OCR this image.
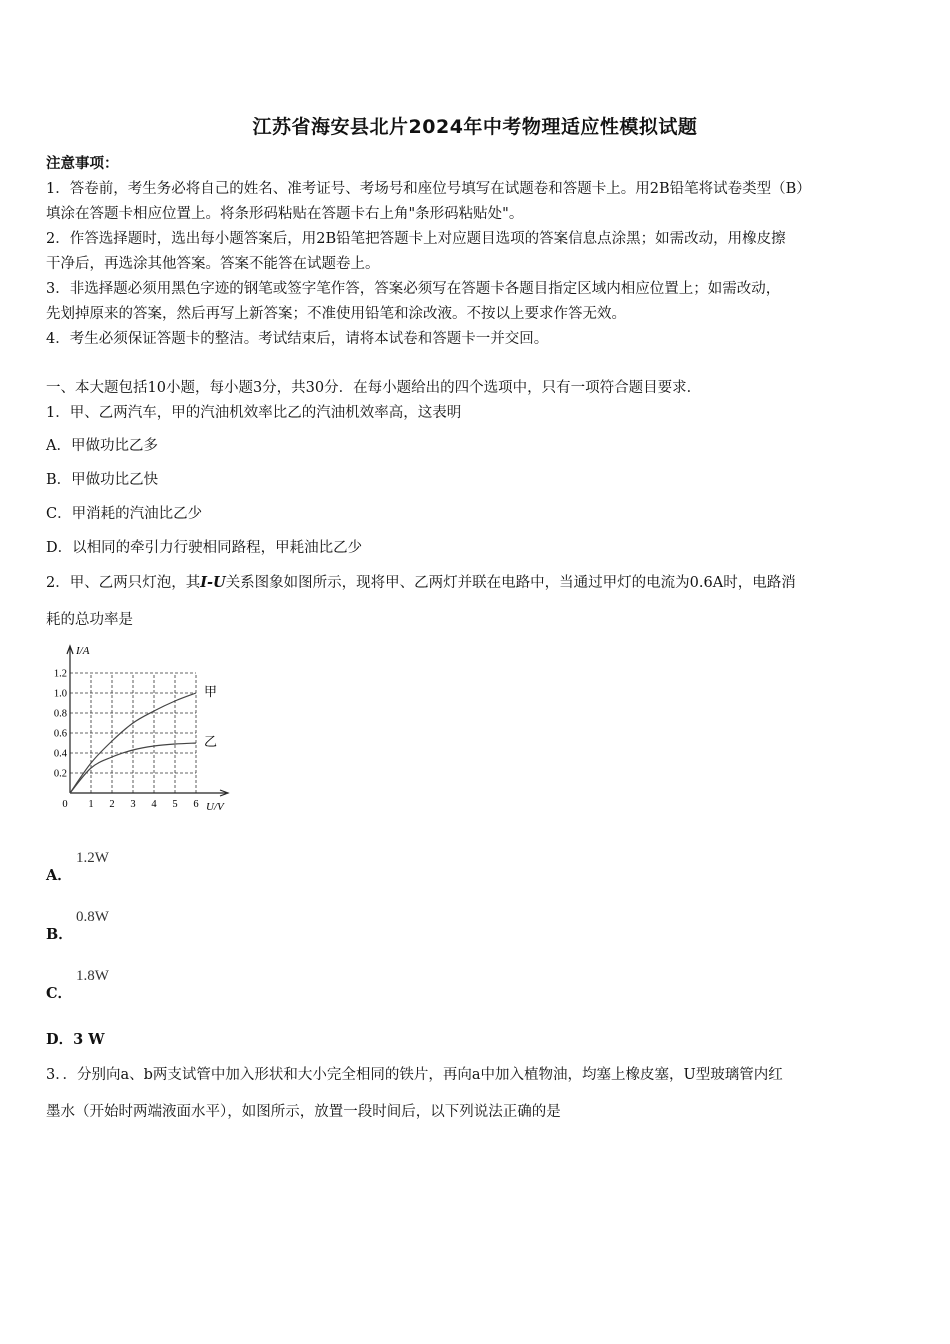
江苏省海安县北片2024年中考物理适应性模拟试题
注意事项：
1．答卷前，考生务必将自己的姓名、准考证号、考场号和座位号填写在试题卷和答题卡上。用2B铅笔将试卷类型（B）
填涂在答题卡相应位置上。将条形码粘贴在答题卡右上角"条形码粘贴处"。
2．作答选择题时，选出每小题答案后，用2B铅笔把答题卡上对应题目选项的答案信息点涂黑；如需改动，用橡皮擦
干净后，再选涂其他答案。答案不能答在试题卷上。
3．非选择题必须用黑色字迹的钢笔或签字笔作答，答案必须写在答题卡各题目指定区域内相应位置上；如需改动，
先划掉原来的答案，然后再写上新答案；不准使用铅笔和涂改液。不按以上要求作答无效。
4．考生必须保证答题卡的整洁。考试结束后，请将本试卷和答题卡一并交回。
一、本大题包括10小题，每小题3分，共30分．在每小题给出的四个选项中，只有一项符合题目要求．
1．甲、乙两汽车，甲的汽油机效率比乙的汽油机效率高，这表明
A．甲做功比乙多
B．甲做功比乙快
C．甲消耗的汽油比乙少
D．以相同的牵引力行驶相同路程，甲耗油比乙少
2．甲、乙两只灯泡，其I-U关系图象如图所示，现将甲、乙两灯并联在电路中，当通过甲灯的电流为0.6A时，电路消
耗的总功率是
I/A
U/V
0 1 2 3 4 5 6
0.2
0.4
0.6
0.8
1.0
1.2
甲
乙
A．
1.2W
B．
0.8W
C．
1.8W
D．3 W
3．．分别向a、b两支试管中加入形状和大小完全相同的铁片，再向a中加入植物油，均塞上橡皮塞，U型玻璃管内红
墨水（开始时两端液面水平），如图所示，放置一段时间后，以下列说法正确的是
